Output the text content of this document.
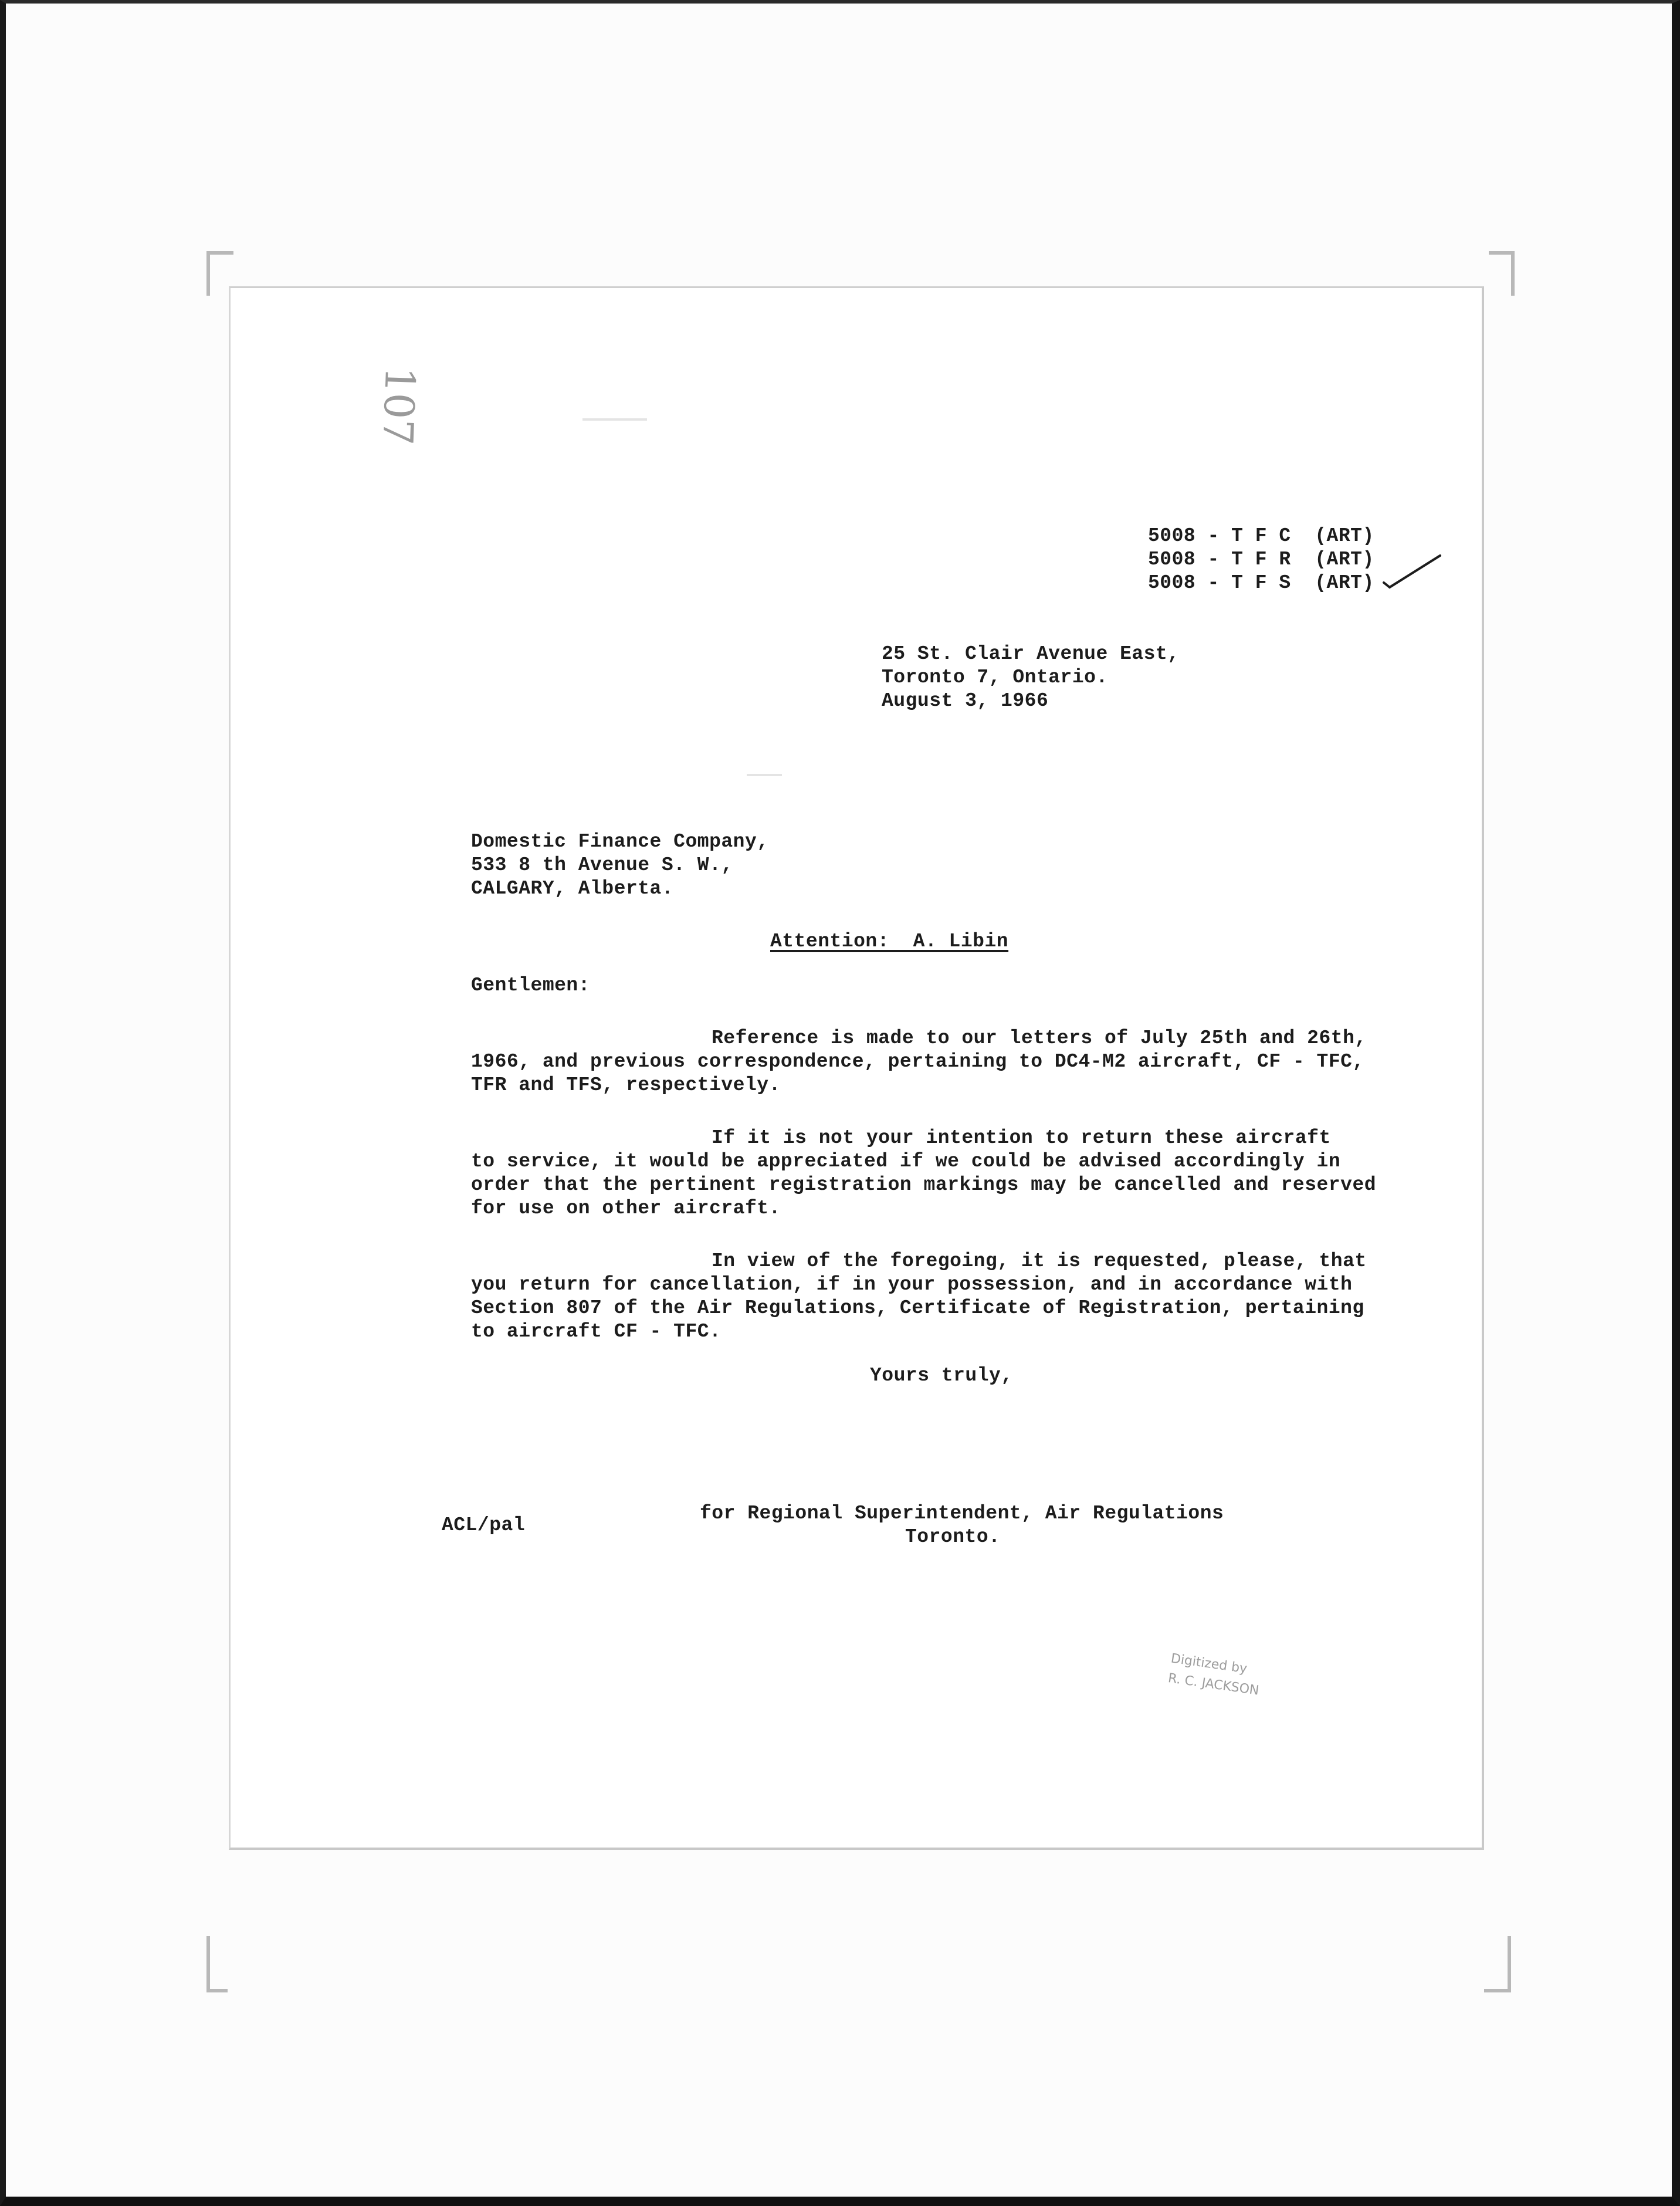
107
5008 - T F C  (ART)
5008 - T F R  (ART)
5008 - T F S  (ART)
25 St. Clair Avenue East,
Toronto 7, Ontario.
August 3, 1966
Domestic Finance Company,
533 8 th Avenue S. W.,
CALGARY, Alberta.
Attention:  A. Libin
Gentlemen:
Reference is made to our letters of July 25th and 26th,
1966, and previous correspondence, pertaining to DC4-M2 aircraft, CF - TFC,
TFR and TFS, respectively.
If it is not your intention to return these aircraft
to service, it would be appreciated if we could be advised accordingly in
order that the pertinent registration markings may be cancelled and reserved
for use on other aircraft.
In view of the foregoing, it is requested, please, that
you return for cancellation, if in your possession, and in accordance with
Section 807 of the Air Regulations, Certificate of Registration, pertaining
to aircraft CF - TFC.
Yours truly,
ACL/pal
for Regional Superintendent, Air Regulations
Toronto.
Digitized by
R. C. JACKSON
